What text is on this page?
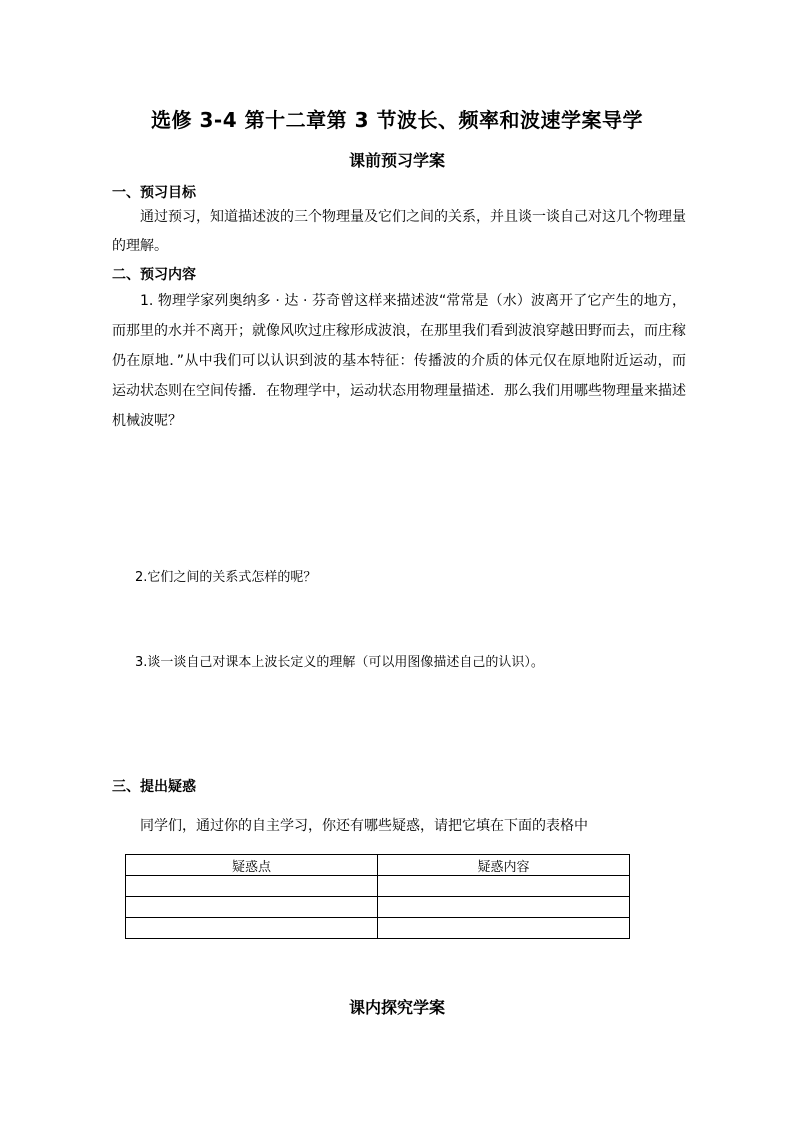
选修 3-4 第十二章第 3 节波长、频率和波速学案导学
课前预习学案
一、预习目标
通过预习，知道描述波的三个物理量及它们之间的关系，并且谈一谈自己对这几个物理量的理解。
二、预习内容
1. 物理学家列奥纳多 · 达 · 芬奇曾这样来描述波“常常是（水）波离开了它产生的地方，而那里的水并不离开；就像风吹过庄稼形成波浪，在那里我们看到波浪穿越田野而去，而庄稼仍在原地．”从中我们可以认识到波的基本特征：传播波的介质的体元仅在原地附近运动，而运动状态则在空间传播．在物理学中，运动状态用物理量描述．那么我们用哪些物理量来描述机械波呢？
2.它们之间的关系式怎样的呢？
3.谈一谈自己对课本上波长定义的理解（可以用图像描述自己的认识）。
三、提出疑惑
同学们，通过你的自主学习，你还有哪些疑惑，请把它填在下面的表格中
疑惑点	疑惑内容

课内探究学案
